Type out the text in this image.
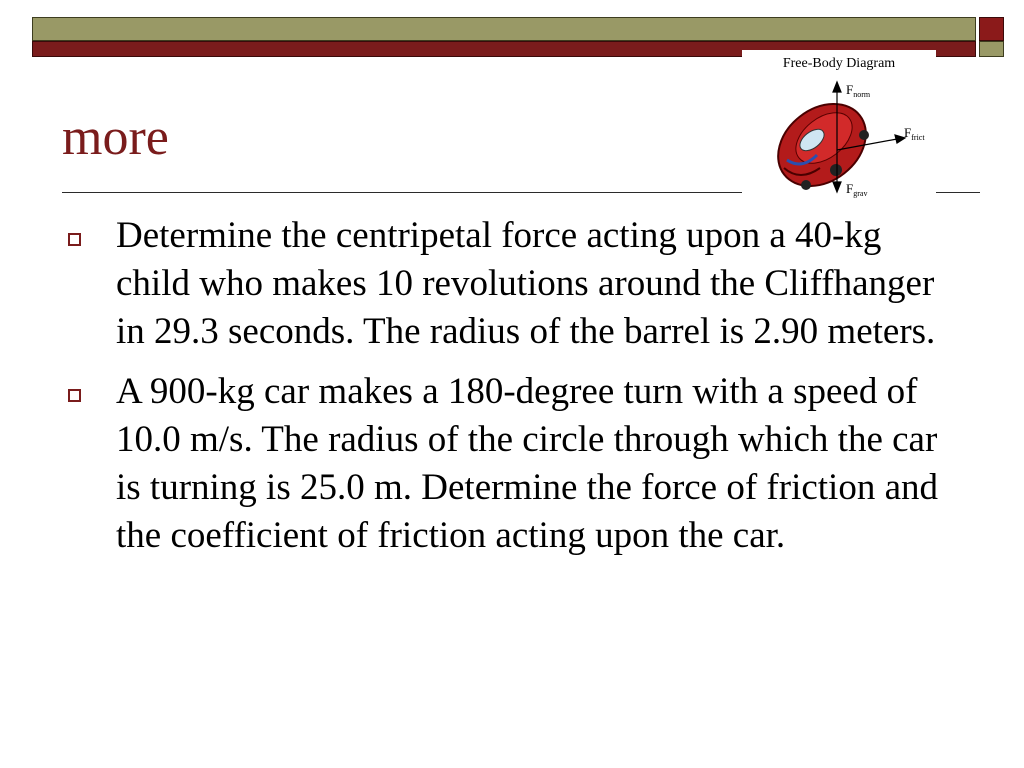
more
Free-Body Diagram
$F_{norm}$
$F_{frict}$
$F_{grav}$
Determine the centripetal force acting upon a 40-kg child who makes 10 revolutions around the Cliffhanger in 29.3 seconds. The radius of the barrel is 2.90 meters.
A 900-kg car makes a 180-degree turn with a speed of 10.0 m/s. The radius of the circle through which the car is turning is 25.0 m. Determine the force of friction and the coefficient of friction acting upon the car.
